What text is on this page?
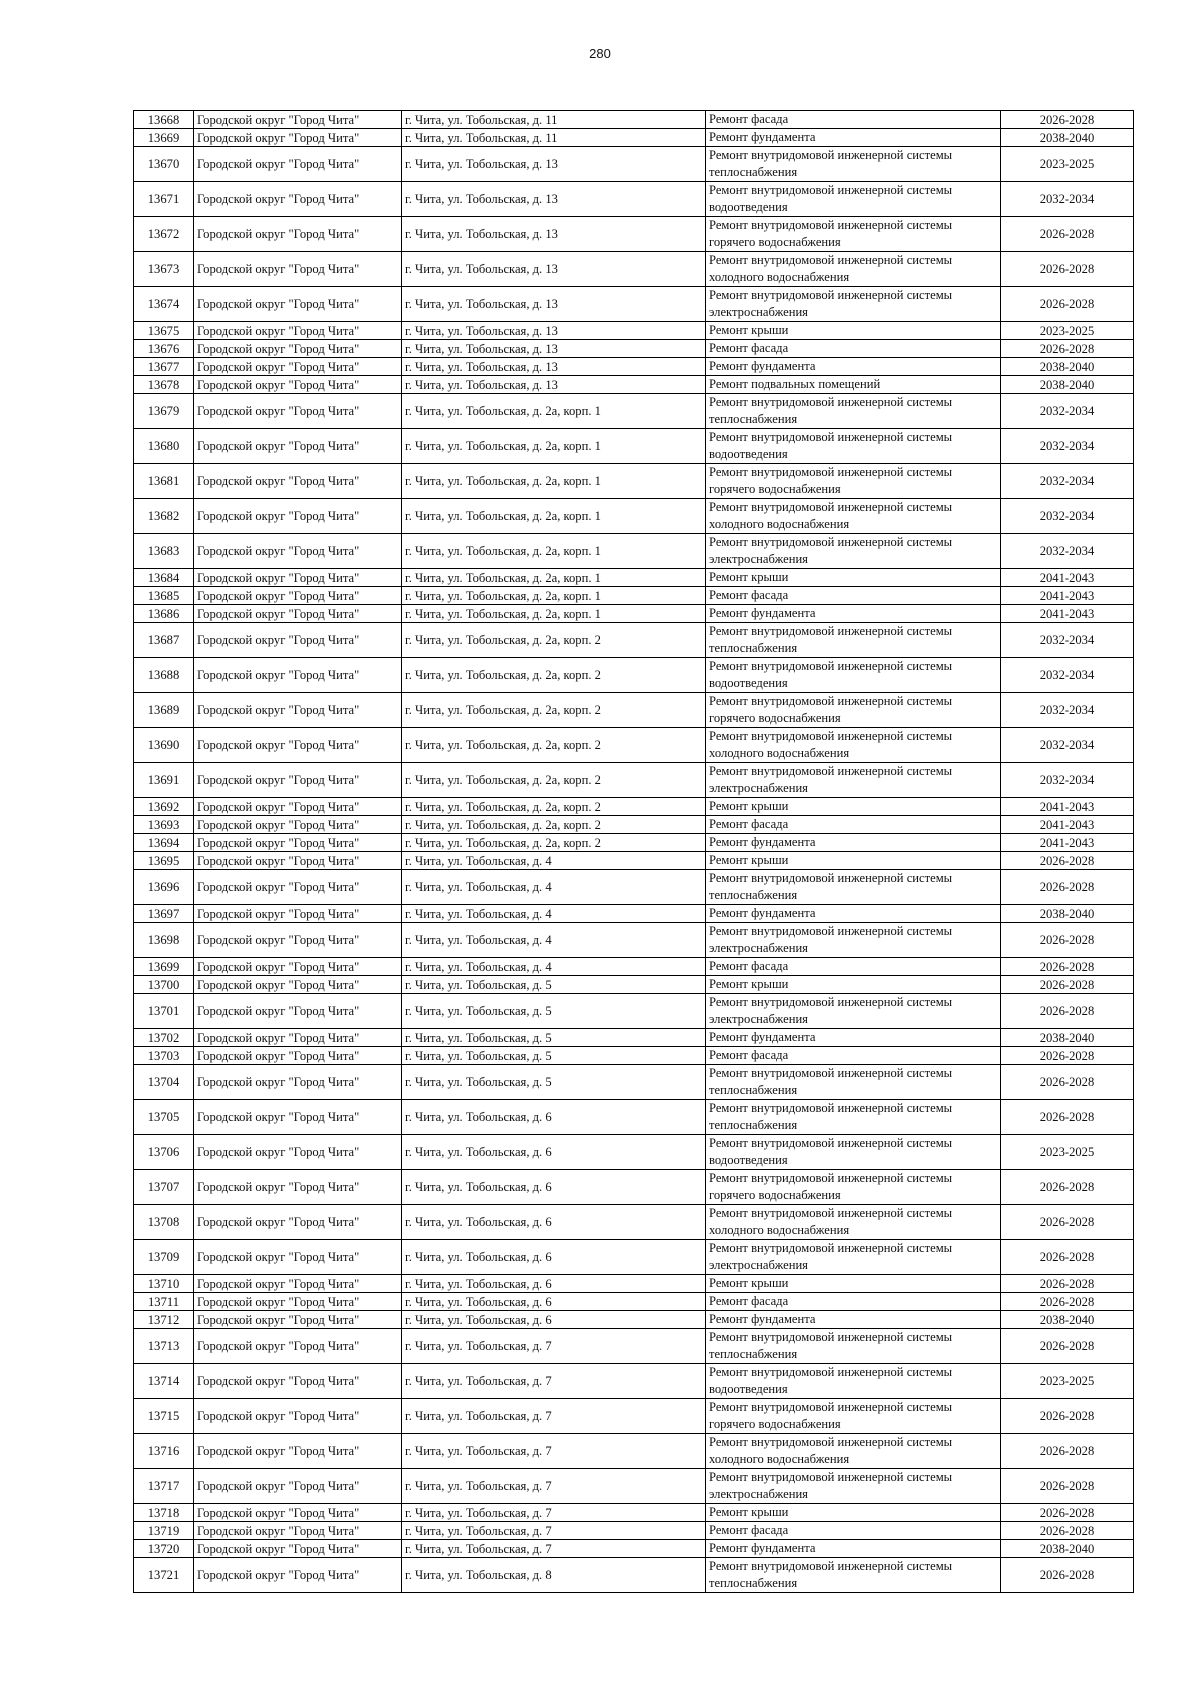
280
13668	Городской округ "Город Чита"	г. Чита, ул. Тобольская, д. 11	Ремонт фасада	2026-2028
13669	Городской округ "Город Чита"	г. Чита, ул. Тобольская, д. 11	Ремонт фундамента	2038-2040
13670	Городской округ "Город Чита"	г. Чита, ул. Тобольская, д. 13	Ремонт внутридомовой инженерной системы теплоснабжения	2023-2025
13671	Городской округ "Город Чита"	г. Чита, ул. Тобольская, д. 13	Ремонт внутридомовой инженерной системы водоотведения	2032-2034
13672	Городской округ "Город Чита"	г. Чита, ул. Тобольская, д. 13	Ремонт внутридомовой инженерной системы горячего водоснабжения	2026-2028
13673	Городской округ "Город Чита"	г. Чита, ул. Тобольская, д. 13	Ремонт внутридомовой инженерной системы холодного водоснабжения	2026-2028
13674	Городской округ "Город Чита"	г. Чита, ул. Тобольская, д. 13	Ремонт внутридомовой инженерной системы электроснабжения	2026-2028
13675	Городской округ "Город Чита"	г. Чита, ул. Тобольская, д. 13	Ремонт крыши	2023-2025
13676	Городской округ "Город Чита"	г. Чита, ул. Тобольская, д. 13	Ремонт фасада	2026-2028
13677	Городской округ "Город Чита"	г. Чита, ул. Тобольская, д. 13	Ремонт фундамента	2038-2040
13678	Городской округ "Город Чита"	г. Чита, ул. Тобольская, д. 13	Ремонт подвальных помещений	2038-2040
13679	Городской округ "Город Чита"	г. Чита, ул. Тобольская, д. 2а, корп. 1	Ремонт внутридомовой инженерной системы теплоснабжения	2032-2034
13680	Городской округ "Город Чита"	г. Чита, ул. Тобольская, д. 2а, корп. 1	Ремонт внутридомовой инженерной системы водоотведения	2032-2034
13681	Городской округ "Город Чита"	г. Чита, ул. Тобольская, д. 2а, корп. 1	Ремонт внутридомовой инженерной системы горячего водоснабжения	2032-2034
13682	Городской округ "Город Чита"	г. Чита, ул. Тобольская, д. 2а, корп. 1	Ремонт внутридомовой инженерной системы холодного водоснабжения	2032-2034
13683	Городской округ "Город Чита"	г. Чита, ул. Тобольская, д. 2а, корп. 1	Ремонт внутридомовой инженерной системы электроснабжения	2032-2034
13684	Городской округ "Город Чита"	г. Чита, ул. Тобольская, д. 2а, корп. 1	Ремонт крыши	2041-2043
13685	Городской округ "Город Чита"	г. Чита, ул. Тобольская, д. 2а, корп. 1	Ремонт фасада	2041-2043
13686	Городской округ "Город Чита"	г. Чита, ул. Тобольская, д. 2а, корп. 1	Ремонт фундамента	2041-2043
13687	Городской округ "Город Чита"	г. Чита, ул. Тобольская, д. 2а, корп. 2	Ремонт внутридомовой инженерной системы теплоснабжения	2032-2034
13688	Городской округ "Город Чита"	г. Чита, ул. Тобольская, д. 2а, корп. 2	Ремонт внутридомовой инженерной системы водоотведения	2032-2034
13689	Городской округ "Город Чита"	г. Чита, ул. Тобольская, д. 2а, корп. 2	Ремонт внутридомовой инженерной системы горячего водоснабжения	2032-2034
13690	Городской округ "Город Чита"	г. Чита, ул. Тобольская, д. 2а, корп. 2	Ремонт внутридомовой инженерной системы холодного водоснабжения	2032-2034
13691	Городской округ "Город Чита"	г. Чита, ул. Тобольская, д. 2а, корп. 2	Ремонт внутридомовой инженерной системы электроснабжения	2032-2034
13692	Городской округ "Город Чита"	г. Чита, ул. Тобольская, д. 2а, корп. 2	Ремонт крыши	2041-2043
13693	Городской округ "Город Чита"	г. Чита, ул. Тобольская, д. 2а, корп. 2	Ремонт фасада	2041-2043
13694	Городской округ "Город Чита"	г. Чита, ул. Тобольская, д. 2а, корп. 2	Ремонт фундамента	2041-2043
13695	Городской округ "Город Чита"	г. Чита, ул. Тобольская, д. 4	Ремонт крыши	2026-2028
13696	Городской округ "Город Чита"	г. Чита, ул. Тобольская, д. 4	Ремонт внутридомовой инженерной системы теплоснабжения	2026-2028
13697	Городской округ "Город Чита"	г. Чита, ул. Тобольская, д. 4	Ремонт фундамента	2038-2040
13698	Городской округ "Город Чита"	г. Чита, ул. Тобольская, д. 4	Ремонт внутридомовой инженерной системы электроснабжения	2026-2028
13699	Городской округ "Город Чита"	г. Чита, ул. Тобольская, д. 4	Ремонт фасада	2026-2028
13700	Городской округ "Город Чита"	г. Чита, ул. Тобольская, д. 5	Ремонт крыши	2026-2028
13701	Городской округ "Город Чита"	г. Чита, ул. Тобольская, д. 5	Ремонт внутридомовой инженерной системы электроснабжения	2026-2028
13702	Городской округ "Город Чита"	г. Чита, ул. Тобольская, д. 5	Ремонт фундамента	2038-2040
13703	Городской округ "Город Чита"	г. Чита, ул. Тобольская, д. 5	Ремонт фасада	2026-2028
13704	Городской округ "Город Чита"	г. Чита, ул. Тобольская, д. 5	Ремонт внутридомовой инженерной системы теплоснабжения	2026-2028
13705	Городской округ "Город Чита"	г. Чита, ул. Тобольская, д. 6	Ремонт внутридомовой инженерной системы теплоснабжения	2026-2028
13706	Городской округ "Город Чита"	г. Чита, ул. Тобольская, д. 6	Ремонт внутридомовой инженерной системы водоотведения	2023-2025
13707	Городской округ "Город Чита"	г. Чита, ул. Тобольская, д. 6	Ремонт внутридомовой инженерной системы горячего водоснабжения	2026-2028
13708	Городской округ "Город Чита"	г. Чита, ул. Тобольская, д. 6	Ремонт внутридомовой инженерной системы холодного водоснабжения	2026-2028
13709	Городской округ "Город Чита"	г. Чита, ул. Тобольская, д. 6	Ремонт внутридомовой инженерной системы электроснабжения	2026-2028
13710	Городской округ "Город Чита"	г. Чита, ул. Тобольская, д. 6	Ремонт крыши	2026-2028
13711	Городской округ "Город Чита"	г. Чита, ул. Тобольская, д. 6	Ремонт фасада	2026-2028
13712	Городской округ "Город Чита"	г. Чита, ул. Тобольская, д. 6	Ремонт фундамента	2038-2040
13713	Городской округ "Город Чита"	г. Чита, ул. Тобольская, д. 7	Ремонт внутридомовой инженерной системы теплоснабжения	2026-2028
13714	Городской округ "Город Чита"	г. Чита, ул. Тобольская, д. 7	Ремонт внутридомовой инженерной системы водоотведения	2023-2025
13715	Городской округ "Город Чита"	г. Чита, ул. Тобольская, д. 7	Ремонт внутридомовой инженерной системы горячего водоснабжения	2026-2028
13716	Городской округ "Город Чита"	г. Чита, ул. Тобольская, д. 7	Ремонт внутридомовой инженерной системы холодного водоснабжения	2026-2028
13717	Городской округ "Город Чита"	г. Чита, ул. Тобольская, д. 7	Ремонт внутридомовой инженерной системы электроснабжения	2026-2028
13718	Городской округ "Город Чита"	г. Чита, ул. Тобольская, д. 7	Ремонт крыши	2026-2028
13719	Городской округ "Город Чита"	г. Чита, ул. Тобольская, д. 7	Ремонт фасада	2026-2028
13720	Городской округ "Город Чита"	г. Чита, ул. Тобольская, д. 7	Ремонт фундамента	2038-2040
13721	Городской округ "Город Чита"	г. Чита, ул. Тобольская, д. 8	Ремонт внутридомовой инженерной системы теплоснабжения	2026-2028
